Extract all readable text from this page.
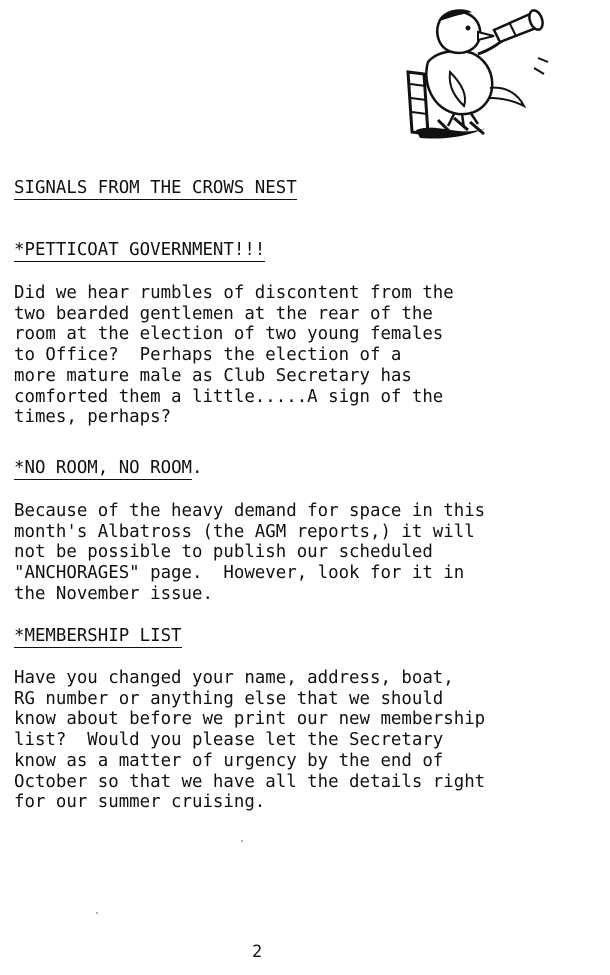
SIGNALS FROM THE CROWS NEST
*PETTICOAT GOVERNMENT!!!
Did we hear rumbles of discontent from the
two bearded gentlemen at the rear of the
room at the election of two young females
to Office?  Perhaps the election of a
more mature male as Club Secretary has
comforted them a little.....A sign of the
times, perhaps?
*NO ROOM, NO ROOM.
Because of the heavy demand for space in this
month's Albatross (the AGM reports,) it will
not be possible to publish our scheduled
"ANCHORAGES" page.  However, look for it in
the November issue.
*MEMBERSHIP LIST
Have you changed your name, address, boat,
RG number or anything else that we should
know about before we print our new membership
list?  Would you please let the Secretary
know as a matter of urgency by the end of
October so that we have all the details right
for our summer cruising.
2
